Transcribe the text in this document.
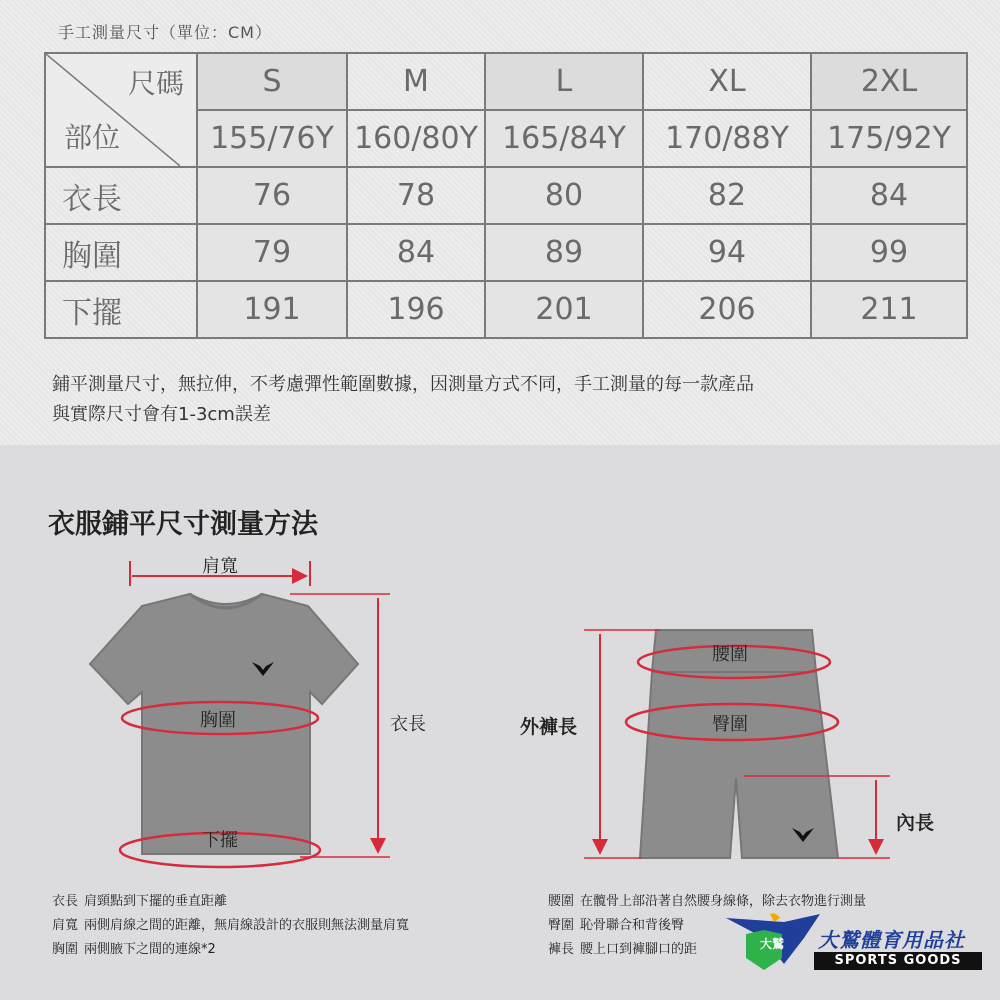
手工測量尺寸（單位：CM）
尺碼
部位	S	M	L	XL	2XL
	155/76Y	160/80Y	165/84Y	170/88Y	175/92Y
衣長	76	78	80	82	84
胸圍	79	84	89	94	99
下擺	191	196	201	206	211
鋪平測量尺寸，無拉伸，不考慮彈性範圍數據，因測量方式不同，手工測量的每一款產品
與實際尺寸會有1-3cm誤差
衣服鋪平尺寸測量方法
肩寬
胸圍
下擺
衣長
腰圍
臀圍
外褲長
內長
衣長 肩頸點到下擺的垂直距離
肩寬 兩側肩線之間的距離，無肩線設計的衣服則無法測量肩寬
胸圍 兩側腋下之間的連線*2
腰圍 在髖骨上部沿著自然腰身線條，除去衣物進行測量
臀圍 恥骨聯合和背後臀
褲長 腰上口到褲腳口的距	大鷲 大鷲體育用品社
SPORTS GOODS
